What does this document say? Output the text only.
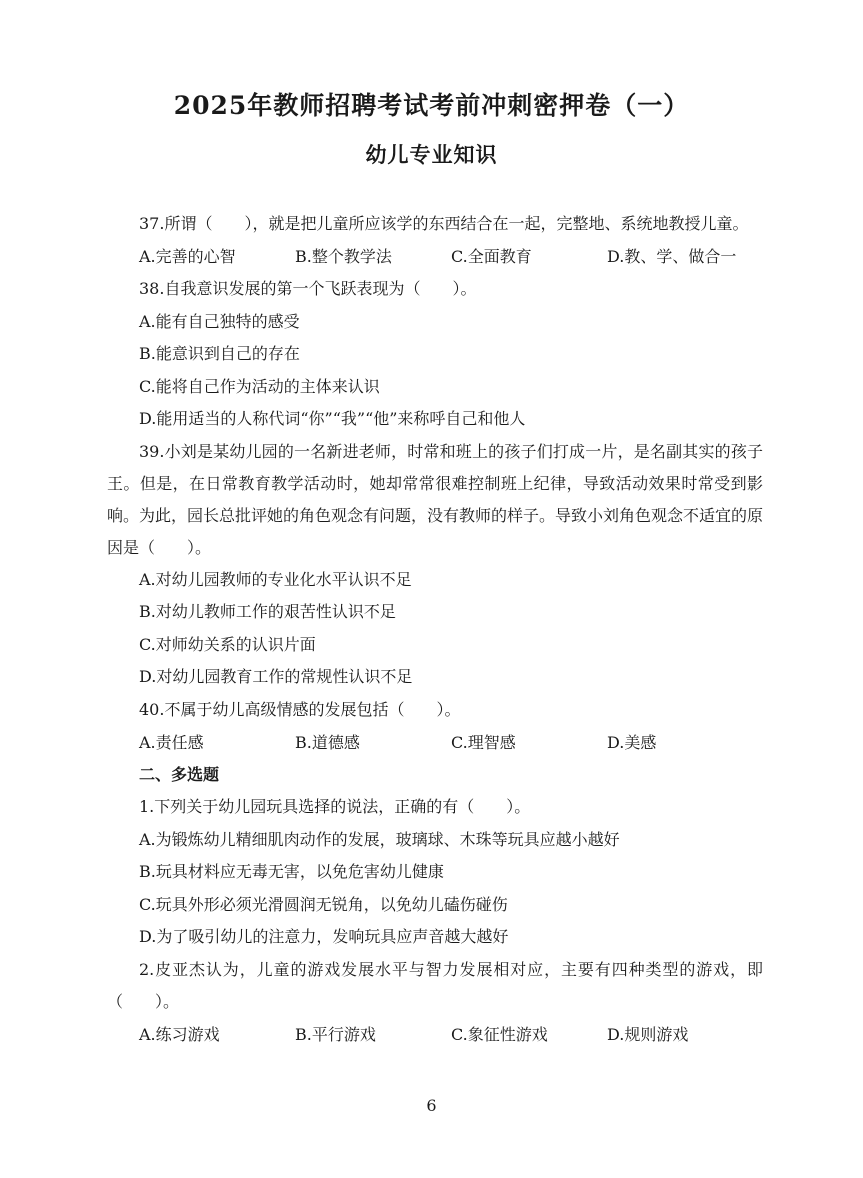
2025年教师招聘考试考前冲刺密押卷（一）
幼儿专业知识

37.所谓（　　），就是把儿童所应该学的东西结合在一起，完整地、系统地教授儿童。

A.完善的心智	B.整个教学法	C.全面教育	D.教、学、做合一
38.自我意识发展的第一个飞跃表现为（　　）。
A.能有自己独特的感受
B.能意识到自己的存在
C.能将自己作为活动的主体来认识
D.能用适当的人称代词“你”“我”“他”来称呼自己和他人

39.小刘是某幼儿园的一名新进老师，时常和班上的孩子们打成一片，是名副其实的孩子王。但是，在日常教育教学活动时，她却常常很难控制班上纪律，导致活动效果时常受到影响。为此，园长总批评她的角色观念有问题，没有教师的样子。导致小刘角色观念不适宜的原因是（　　）。

A.对幼儿园教师的专业化水平认识不足
B.对幼儿教师工作的艰苦性认识不足
C.对师幼关系的认识片面
D.对幼儿园教育工作的常规性认识不足
40.不属于幼儿高级情感的发展包括（　　）。
A.责任感	B.道德感	C.理智感	D.美感
二、多选题
1.下列关于幼儿园玩具选择的说法，正确的有（　　）。
A.为锻炼幼儿精细肌肉动作的发展，玻璃球、木珠等玩具应越小越好
B.玩具材料应无毒无害，以免危害幼儿健康
C.玩具外形必须光滑圆润无锐角，以免幼儿磕伤碰伤
D.为了吸引幼儿的注意力，发响玩具应声音越大越好

2.皮亚杰认为，儿童的游戏发展水平与智力发展相对应，主要有四种类型的游戏，即（　　）。

A.练习游戏	B.平行游戏	C.象征性游戏	D.规则游戏
6
